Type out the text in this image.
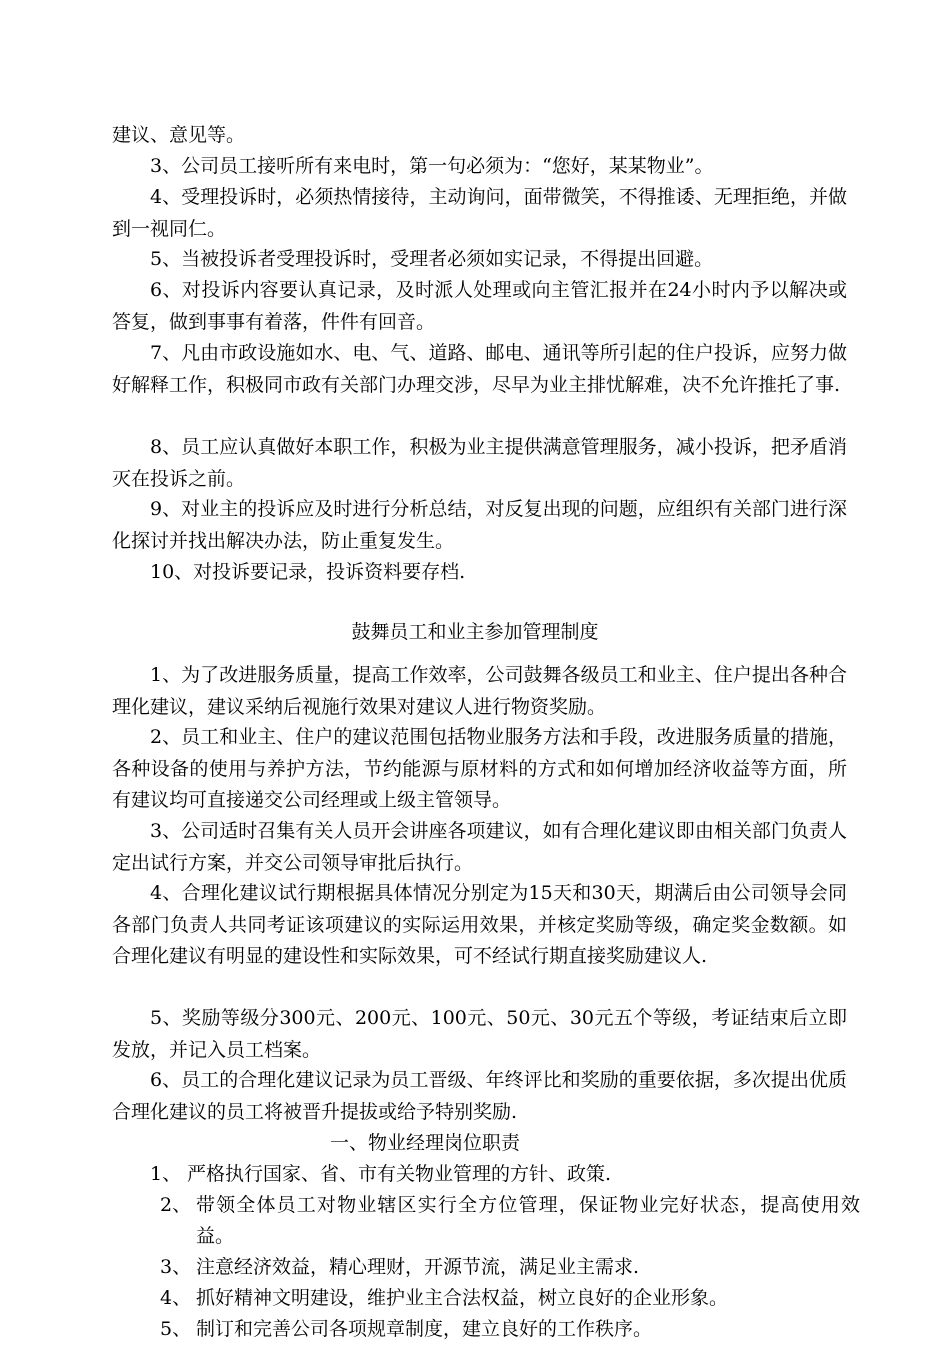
建议、意见等。

3、公司员工接听所有来电时，第一句必须为：“您好，某某物业”。

4、受理投诉时，必须热情接待，主动询问，面带微笑，不得推诿、无理拒绝，并做到一视同仁。

5、当被投诉者受理投诉时，受理者必须如实记录，不得提出回避。

6、对投诉内容要认真记录，及时派人处理或向主管汇报并在24小时内予以解决或答复，做到事事有着落，件件有回音。

7、凡由市政设施如水、电、气、道路、邮电、通讯等所引起的住户投诉，应努力做好解释工作，积极同市政有关部门办理交涉，尽早为业主排忧解难，决不允许推托了事.

8、员工应认真做好本职工作，积极为业主提供满意管理服务，减小投诉，把矛盾消灭在投诉之前。

9、对业主的投诉应及时进行分析总结，对反复出现的问题，应组织有关部门进行深化探讨并找出解决办法，防止重复发生。

10、对投诉要记录，投诉资料要存档.

鼓舞员工和业主参加管理制度

1、为了改进服务质量，提高工作效率，公司鼓舞各级员工和业主、住户提出各种合理化建议，建议采纳后视施行效果对建议人进行物资奖励。

2、员工和业主、住户的建议范围包括物业服务方法和手段，改进服务质量的措施，各种设备的使用与养护方法，节约能源与原材料的方式和如何增加经济收益等方面，所有建议均可直接递交公司经理或上级主管领导。

3、公司适时召集有关人员开会讲座各项建议，如有合理化建议即由相关部门负责人定出试行方案，并交公司领导审批后执行。

4、合理化建议试行期根据具体情况分别定为15天和30天，期满后由公司领导会同各部门负责人共同考证该项建议的实际运用效果，并核定奖励等级，确定奖金数额。如合理化建议有明显的建设性和实际效果，可不经试行期直接奖励建议人.

5、奖励等级分300元、200元、100元、50元、30元五个等级，考证结束后立即发放，并记入员工档案。

6、员工的合理化建议记录为员工晋级、年终评比和奖励的重要依据，多次提出优质合理化建议的员工将被晋升提拔或给予特别奖励.

一、物业经理岗位职责
1、 严格执行国家、省、市有关物业管理的方针、政策.
2、 带领全体员工对物业辖区实行全方位管理，保证物业完好状态，提高使用效益。
3、 注意经济效益，精心理财，开源节流，满足业主需求.
4、 抓好精神文明建设，维护业主合法权益，树立良好的企业形象。
5、 制订和完善公司各项规章制度，建立良好的工作秩序。
